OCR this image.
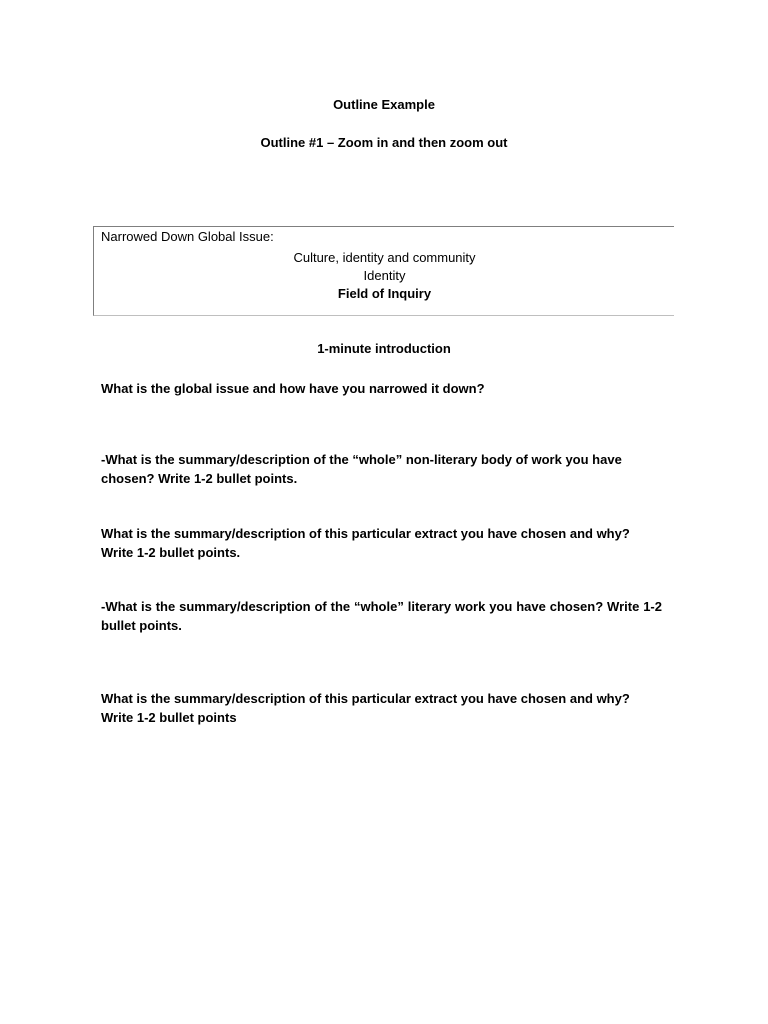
Outline Example
Outline #1 – Zoom in and then zoom out
Narrowed Down Global Issue:
Culture, identity and community
Identity
Field of Inquiry
1-minute introduction
What is the global issue and how have you narrowed it down?
-What is the summary/description of the “whole” non-literary body of work you have chosen? Write 1-2 bullet points.
What is the summary/description of this particular extract you have chosen and why? Write 1-2 bullet points.
-What is the summary/description of the “whole” literary work you have chosen? Write 1-2 bullet points.
What is the summary/description of this particular extract you have chosen and why? Write 1-2 bullet points
